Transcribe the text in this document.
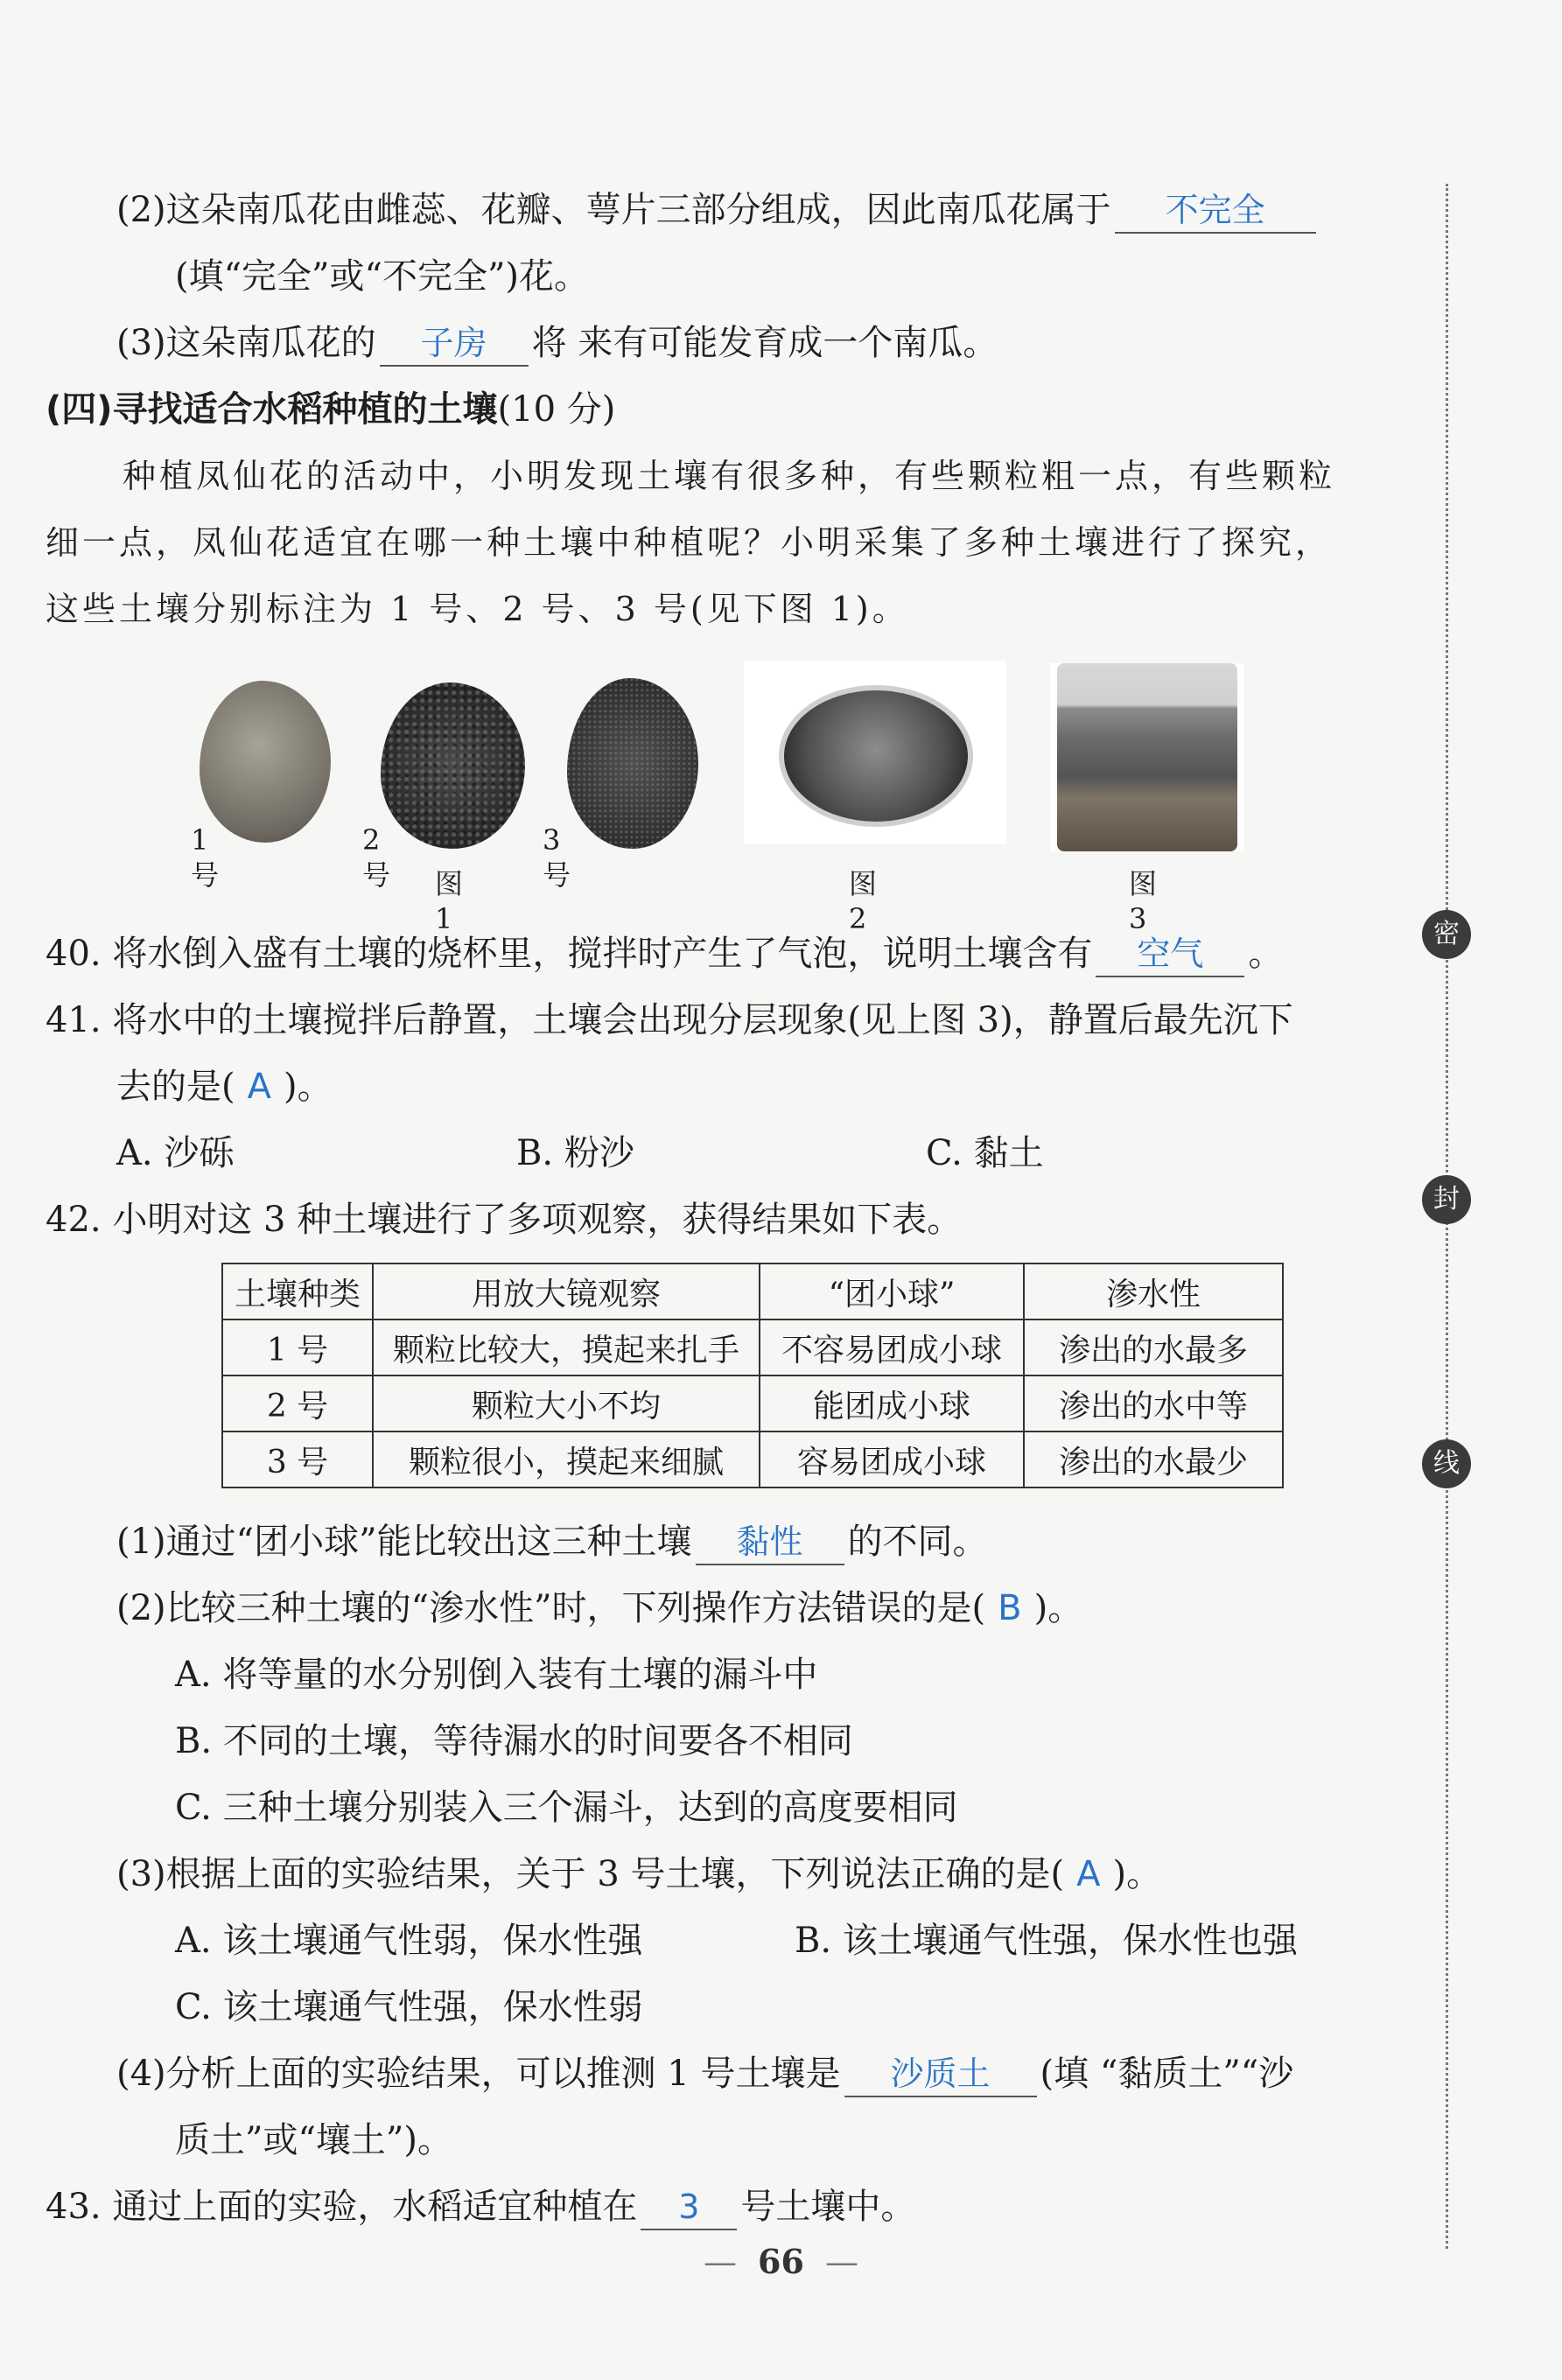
(2)这朵南瓜花由雌蕊、花瓣、萼片三部分组成，因此南瓜花属于 不完全
(填“完全”或“不完全”)花。
(3)这朵南瓜花的 子房 将 来有可能发育成一个南瓜。
(四)寻找适合水稻种植的土壤(10 分)
种植凤仙花的活动中，小明发现土壤有很多种，有些颗粒粗一点，有些颗粒
细一点，凤仙花适宜在哪一种土壤中种植呢？小明采集了多种土壤进行了探究，
这些土壤分别标注为 1 号、2 号、3 号(见下图 1)。
1号
2号
3号
图1
图2
图3
40. 将水倒入盛有土壤的烧杯里，搅拌时产生了气泡，说明土壤含有 空气 。
41. 将水中的土壤搅拌后静置，土壤会出现分层现象(见上图 3)，静置后最先沉下
去的是( A )。
A. 沙砾	B. 粉沙	C. 黏土
42. 小明对这 3 种土壤进行了多项观察，获得结果如下表。
土壤种类	用放大镜观察	“团小球”	渗水性
1 号	颗粒比较大，摸起来扎手	不容易团成小球	渗出的水最多
2 号	颗粒大小不均	能团成小球	渗出的水中等
3 号	颗粒很小，摸起来细腻	容易团成小球	渗出的水最少
(1)通过“团小球”能比较出这三种土壤 黏性 的不同。
(2)比较三种土壤的“渗水性”时，下列操作方法错误的是( B )。
A. 将等量的水分别倒入装有土壤的漏斗中
B. 不同的土壤，等待漏水的时间要各不相同
C. 三种土壤分别装入三个漏斗，达到的高度要相同
(3)根据上面的实验结果，关于 3 号土壤，下列说法正确的是( A )。
A. 该土壤通气性弱，保水性强	B. 该土壤通气性强，保水性也强
C. 该土壤通气性强，保水性弱
(4)分析上面的实验结果，可以推测 1 号土壤是 沙质土 (填 “黏质土”“沙
质土”或“壤土”)。
43. 通过上面的实验，水稻适宜种植在 3 号土壤中。
— 66 —
密
封
线
